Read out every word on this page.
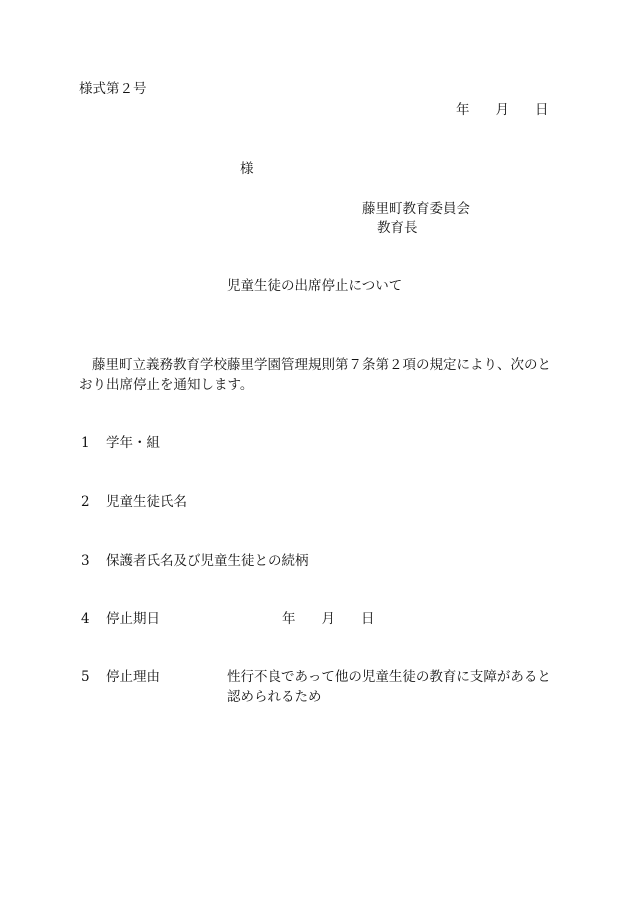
様式第２号
年 月 日
様
藤里町教育委員会
教育長
児童生徒の出席停止について
藤里町立義務教育学校藤里学園管理規則第７条第２項の規定により、次のと
おり出席停止を通知します。
1 学年・組
2 児童生徒氏名
3 保護者氏名及び児童生徒との続柄
4 停止期日	年 月 日
5 停止理由	性行不良であって他の児童生徒の教育に支障があると
認められるため
